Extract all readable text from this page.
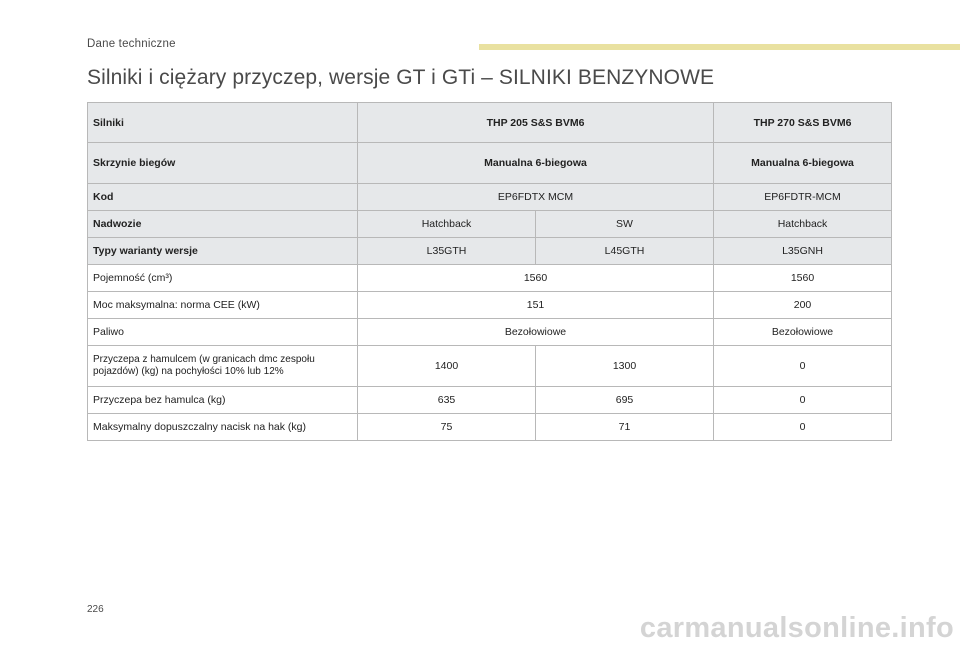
Dane techniczne
Silniki i ciężary przyczep, wersje GT i GTi – SILNIKI BENZYNOWE
Silniki	THP 205 S&S BVM6		THP 270 S&S BVM6
Skrzynie biegów	Manualna 6-biegowa		Manualna 6-biegowa
Kod	EP6FDTX MCM		EP6FDTR-MCM
Nadwozie	Hatchback	SW	Hatchback
Typy warianty wersje	L35GTH	L45GTH	L35GNH
Pojemność (cm³)	1560		1560
Moc maksymalna: norma CEE (kW)	151		200
Paliwo	Bezołowiowe		Bezołowiowe
Przyczepa z hamulcem (w granicach dmc zespołu pojazdów) (kg) na pochyłości 10% lub 12%	1400	1300	0
Przyczepa bez hamulca (kg)	635	695	0
Maksymalny dopuszczalny nacisk na hak (kg)	75	71	0
226
carmanualsonline.info
